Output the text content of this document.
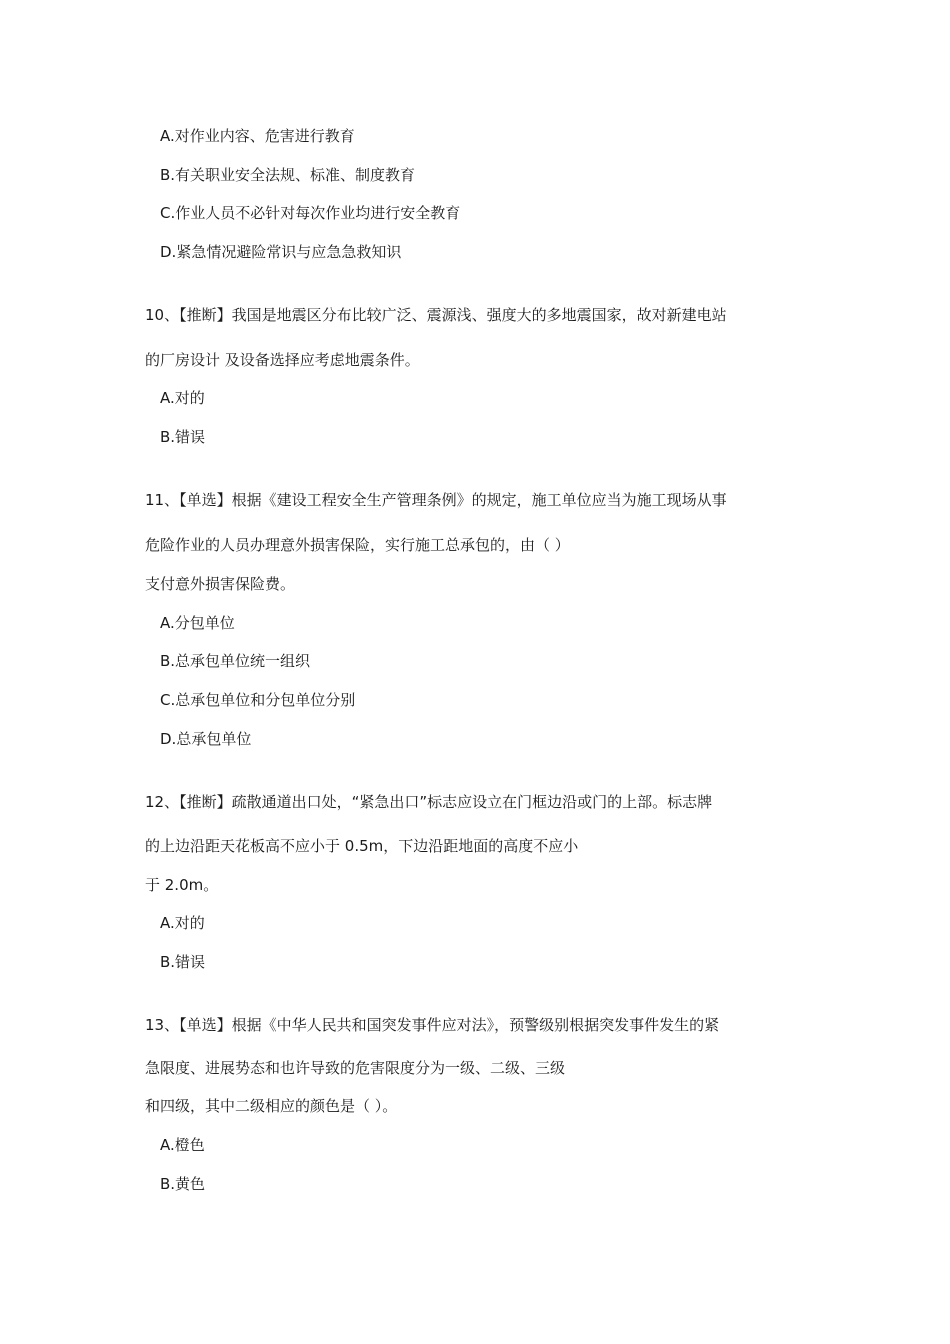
A.对作业内容、危害进行教育
B.有关职业安全法规、标准、制度教育
C.作业人员不必针对每次作业均进行安全教育
D.紧急情况避险常识与应急急救知识
10、【推断】我国是地震区分布比较广泛、震源浅、强度大的多地震国家，故对新建电站
的厂房设计 及设备选择应考虑地震条件。
A.对的
B.错误
11、【单选】根据《建设工程安全生产管理条例》的规定，施工单位应当为施工现场从事
危险作业的人员办理意外损害保险，实行施工总承包的，由（ ）
支付意外损害保险费。
A.分包单位
B.总承包单位统一组织
C.总承包单位和分包单位分别
D.总承包单位
12、【推断】疏散通道出口处，“紧急出口”标志应设立在门框边沿或门的上部。标志牌
的上边沿距天花板高不应小于 0.5m，下边沿距地面的高度不应小
于 2.0m。
A.对的
B.错误
13、【单选】根据《中华人民共和国突发事件应对法》，预警级别根据突发事件发生的紧
急限度、进展势态和也许导致的危害限度分为一级、二级、三级
和四级，其中二级相应的颜色是（ ）。
A.橙色
B.黄色
